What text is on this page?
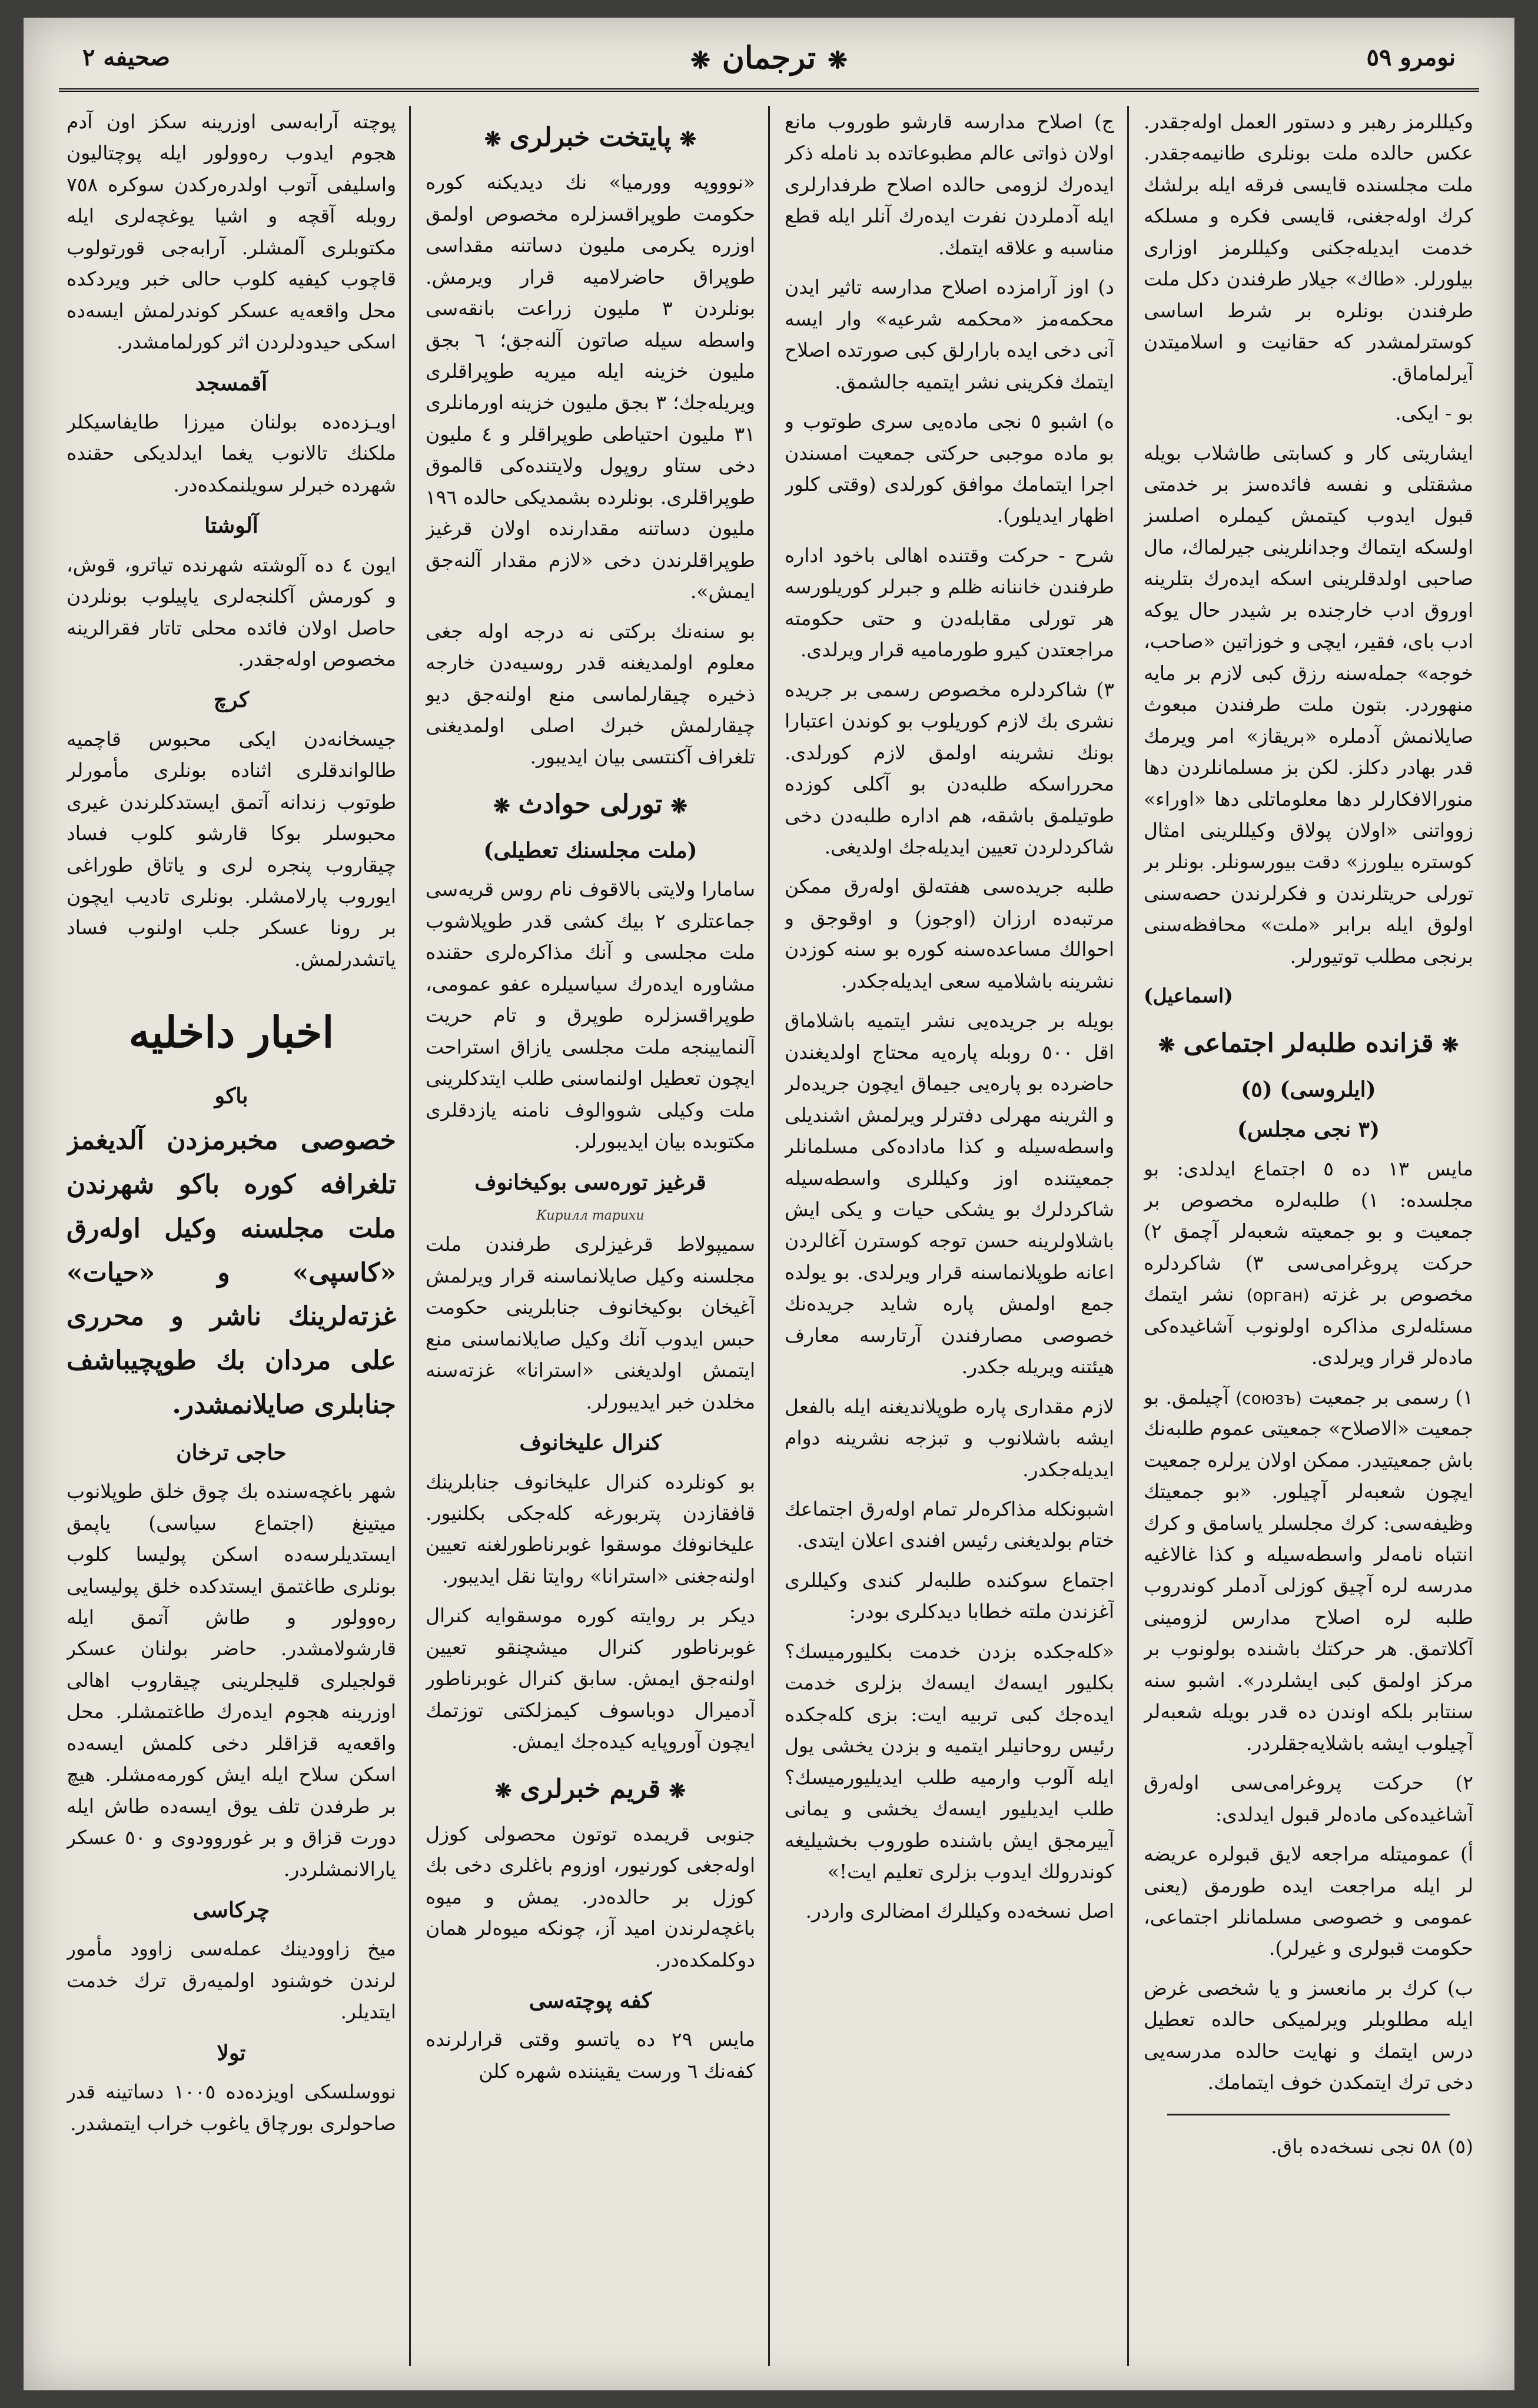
نومرو ٥٩
❋ترجمان❋
صحیفه ۲

وکیللرمز رهبر و دستور العمل اولەجقدر. عکس حالده ملت بونلری طانیمەجقدر. ملت مجلسنده قایسی فرقه ایله برلشك کرك اولەجغنی، قایسی فکره و مسلکه خدمت ایدیلەجکنی وکیللرمز اوزاری بیلورلر. «طاك» جیلار طرفندن دکل ملت طرفندن بونلره بر شرط اساسی کوسترلمشدر که حقانیت و اسلامیتدن آیرلماماق.

بو - ایکی.

ایشاریتی کار و کسابتی طاشلاب بویله مشقتلی و نفسه فائدەسز بر خدمتی قبول ایدوب کیتمش کیملره اصلسز اولسکه ایتماك وجدانلرینی جیرلماك، مال صاحبی اولدقلرینی اسکه ایدەرك بتلرینه اوروق ادب خارجنده بر شیدر حال یوکه ادب بای، فقیر، ایچی و خوزاتین «صاحب، خوجه» جملەسنه رزق کبی لازم بر مایه منهوردر. بتون ملت طرفندن مبعوث صایلانمش آدملره «بریقاز» امر ویرمك قدر بهادر دکلز. لکن بز مسلمانلردن دها منورالافکارلر دها معلوماتلی دها «اوراء» زوواتنی «اولان پولاق وکیللرینی امثال کوستره بیلورز» دقت بیورسونلر. بونلر بر تورلی حریتلرندن و فکرلرندن حصەسنی اولوق ایله برابر «ملت» محافظه‌سنی برنجی مطلب توتیورلر.

(اسماعیل)
❋قزانده طلبەلر اجتماعی❋
(ایلروسی) (٥)
(٣ نجی مجلس)

مایس ١٣ ده ٥ اجتماع ایدلدی: بو مجلسده: ١) طلبه‌لره مخصوص بر جمعیت و بو جمعیته شعبه‌لر آچمق ٢) حرکت پروغرامی‌سی ٣) شاکردلره مخصوص بر غزته (орган) نشر ایتمك مسئله‌لری مذاکره اولونوب آشاغیده‌کی ماده‌لر قرار ویرلدی.

١) رسمی بر جمعیت (союзъ) آچیلمق. بو جمعیت «الاصلاح» جمعیتی عموم طلبه‌نك باش جمعیتیدر. ممکن اولان یرلره جمعیت ایچون شعبه‌لر آچیلور. «بو جمعیتك وظیفه‌سی: کرك مجلسلر یاسامق و کرك انتباه نامه‌لر واسطه‌سیله و کذا غالاغیه مدرسه لره آچیق کوزلی آدملر کوندروب طلبه لره اصلاح مدارس لزومینی آکلاتمق. هر حرکتك باشنده بولونوب بر مرکز اولمق کبی ایشلردر». اشبو سنه سنتابر بلکه اوندن ده قدر بویله شعبه‌لر آچیلوب ایشه باشلایه‌جقلردر.

٢) حرکت پروغرامی‌سی اولەرق آشاغیده‌کی ماده‌لر قبول ایدلدی:

أ) عمومیتله مراجعه لایق قبولره عریضه لر ایله مراجعت ایده طورمق (یعنی عمومی و خصوصی مسلمانلر اجتماعی، حکومت قبولری و غیرلر).

ب) کرك بر مانعسز و یا شخصی غرض ایله مطلوبلر ویرلمیکی حالده تعطیل درس ایتمك و نهایت حالده مدرسه‌یی دخی ترك ایتمكدن خوف ایتمامك.

(٥) ٥٨ نجی نسخه‌ده باق.

ج) اصلاح مدارسه قارشو طوروب مانع اولان ذواتی عالم مطبوعاتده بد نامله ذکر ایدەرك لزومی حالده اصلاح طرفدارلری ایله آدملردن نفرت ایدەرك آنلر ایله قطع مناسبه و علاقه ایتمك.

د) اوز آرامزده اصلاح مدارسه تاثیر ایدن محکمه‌مز «محکمه شرعیه» وار ایسه آنی دخی ایده بارارلق کبی صورتده اصلاح ایتمك فکرینی نشر ایتمیه جالشمق.

ه) اشبو ٥ نجی ماده‌یی سری طوتوب و بو ماده موجبی حرکتی جمعیت امسندن اجرا ایتمامك موافق کورلدی (وقتی کلور اظهار ایدیلور).

شرح - حرکت وقتنده اهالی باخود اداره طرفندن خاننانه ظلم و جبرلر کوریلورسه هر تورلی مقابله‌دن و حتی حکومته مراجعتدن کیرو طورمامیه قرار ویرلدی.

٣) شاکردلره مخصوص رسمی بر جریده نشری بك لازم کوریلوب بو کوندن اعتبارا بونك نشرینه اولمق لازم کورلدی. محرراسکه طلبه‌دن بو آکلی کوزده طوتیلمق باشقه، هم اداره طلبه‌دن دخی شاکردلردن تعیین ایدیله‌جك اولدیغی.

طلبه جریده‌سی هفته‌لق اولەرق ممکن مرتبه‌ده ارزان (اوجوز) و اوقوجق و احوالك مساعده‌سنه کوره بو سنه کوزدن نشرینه باشلامیه سعی ایدیله‌جکدر.

بویله بر جریده‌یی نشر ایتمیه باشلاماق اقل ٥٠٠ روبله پاره‌یه محتاج اولدیغندن حاضرده بو پاره‌یی جیماق ایچون جریده‌لر و الثرینه مهرلی دفترلر ویرلمش اشندیلی واسطه‌سیله و کذا ماداده‌کی مسلمانلر جمعیتنده اوز وکیللری واسطه‌سیله شاکردلرك بو یشکی حیات و یکی ایش باشلاولرینه حسن توجه کوسترن آغالردن اعانه طوپلانماسنه قرار ویرلدی. بو یولده جمع اولمش پاره شاید جریده‌نك خصوصی مصارفندن آرتارسه معارف هیئتنه ویریله جکدر.

لازم مقداری پاره طوپلاندیغنه ایله بالفعل ایشه باشلانوب و تبزجه نشرینه دوام ایدیله‌جکدر.

اشبونکله مذاکره‌لر تمام اولەرق اجتماعك ختام بولدیغنی رئیس افندی اعلان ایتدی.

اجتماع سوکنده طلبه‌لر کندی وکیللری آغزندن ملته خطابا دیدکلری بودر:

«کله‌جکده بزدن خدمت بکلیورمیسك؟ بکلیور ایسه‌ك ایسه‌ك بزلری خدمت ایده‌جك کبی تربیه ایت: بزی کله‌جکده رئیس روحانیلر ایتمیه و بزدن یخشی یول ایله آلوب وارمیه طلب ایدیلیورمیسك؟ طلب ایدیلیور ایسه‌ك یخشی و یمانی آییرمجق ایش باشنده طوروب بخشیلیغه کوندرولك ایدوب بزلری تعلیم ایت!»

اصل نسخه‌ده وکیللرك امضالری واردر.

❋پایتخت خبرلری❋

«نوووپه وورمیا» نك دیدیکنه کوره حکومت طوپراقسزلره مخصوص اولمق اوزره یکرمی ملیون دساتنه مقداسی طوپراق حاضرلامیه قرار ویرمش. بونلردن ٣ ملیون زراعت بانقه‌سی واسطه سیله صاتون آلنه‌جق؛ ٦ بجق ملیون خزینه ایله میریه طوپراقلری ویریله‌جك؛ ٣ بجق ملیون خزینه اورمانلری ٣١ ملیون احتیاطی طوپراقلر و ٤ ملیون دخی ستاو روپول ولایتنده‌کی قالموق طوپراقلری. بونلرده بشمدیکی حالده ١٩٦ ملیون دساتنه مقدارنده اولان قرغیز طوپراقلرندن دخی «لازم مقدار آلنه‌جق ایمش».

بو سنه‌نك برکتی نه درجه اوله جغی معلوم اولمدیغنه قدر روسیه‌دن خارجه ذخیره چیقارلماسی منع اولنه‌جق دیو چیقارلمش خبرك اصلی اولمدیغنی تلغراف آکنتسی بیان ایدیبور.

❋تورلی حوادث❋
(ملت مجلسنك تعطیلی)

سامارا ولایتی بالاقوف نام روس قریه‌سی جماعتلری ٢ بیك کشی قدر طوپلاشوب ملت مجلسی و آنك مذاکره‌لری حقنده مشاوره ایده‌رك سیاسیلره عفو عمومی، طوپراقسزلره طوپرق و تام حریت آلنمایینجه ملت مجلسی یازاق استراحت ایچون تعطیل اولنماسنی طلب ایتدکلرینی ملت وکیلی شووالوف نامنه یازدقلری مکتوبده بیان ایدیبورلر.

قرغیز تورەسی بوکیخانوف
Кирилл тарихи

سمیپولاط قرغیزلری طرفندن ملت مجلسنه وکیل صایلانماسنه قرار ویرلمش آغیخان بوکیخانوف جنابلرینی حکومت حبس ایدوب آنك وکیل صایلانماسنی منع ایتمش اولدیغنی «استرانا» غزته‌سنه مخلدن خبر ایدیبورلر.

کنرال علیخانوف

بو کونلرده کنرال علیخانوف جنابلرینك قافقازدن پتربورغه کله‌جکی بکلنیور. علیخانوفك موسقوا غوبرناطورلغنه تعیین اولنه‌جغنی «استرانا» روایتا نقل ایدیبور.

دیکر بر روایته کوره موسقوایه کنرال غوبرناطور کنرال میشچنقو تعیین اولنه‌جق ایمش. سابق کنرال غوبرناطور آدمیرال دوباسوف کیمزلکتی توزتمك ایچون آوروپایه کیده‌جك ایمش.

❋قریم خبرلری❋

جنوبی قریمده توتون محصولی کوزل اوله‌جغی کورنیور، اوزوم باغلری دخی بك کوزل بر حالده‌در. یمش و میوه باغچه‌لرندن امید آز، چونکه میوه‌لر همان دوکلمکده‌در.

کفه پوچته‌سی

مایس ٢٩ ده یاتسو وقتی قرارلرنده کفه‌نك ٦ ورست یقیننده شهره کلن

پوچته آرابه‌سی اوزرینه سکز اون آدم هجوم ایدوب ره‌وولور ایله پوچتالیون واسلیفی آتوب اولدرەرکدن سوکره ٧٥٨ روبله آقچه و اشیا یوغچه‌لری ایله مکتوبلری آلمشلر. آرابه‌جی قورتولوب قاچوب کیفیه کلوب حالی خبر ویردکده محل واقعه‌یه عسکر کوندرلمش ایسه‌ده اسکی حیدودلردن اثر کورلمامشدر.

آقمسجد

اویـزده‌ده بولنان میرزا طایفاسیکلر ملکنك تالانوب یغما ایدلدیکی حقنده شهرده خبرلر سویلنمکده‌در.

آلوشتا

ایون ٤ ده آلوشته شهرنده تیاترو، قوش، و کورمش آکلنجه‌لری یاپیلوب بونلردن حاصل اولان فائده محلی تاتار فقرالرینه مخصوص اوله‌جقدر.

کرچ

جیسخانه‌دن ایکی محبوس قاچمیه طالواندقلری اثناده بونلری مأمورلر طوتوب زندانه آتمق ایستدکلرندن غیری محبوسلر بوکا قارشو کلوب فساد چیقاروب پنجره لری و یاتاق طوراغی ایوروب پارلامشلر. بونلری تادیب ایچون بر رونا عسکر جلب اولنوب فساد یاتشدرلمش.

اخبار داخلیه
باکو

خصوصی مخبرمزدن آلدیغمز تلغرافه کوره باکو شهرندن ملت مجلسنه وکیل اولەرق «کاسپی» و «حیات» غزته‌لرینك ناشر و محرری علی مردان بك طوپچیباشف جنابلری صایلانمشدر.

حاجی ترخان

شهر باغچه‌سنده بك چوق خلق طوپلانوب میتینغ (اجتماع سیاسی) یاپمق ایستدیلرسه‌ده اسکن پولیسا کلوب بونلری طاغتمق ایستدکده خلق پولیسایی رەوولور و طاش آتمق ایله قارشولامشدر. حاضر بولنان عسکر قولجیلری قلیجلرینی چیقاروب اهالی اوزرینه هجوم ایده‌رك طاغتمشلر. محل واقعه‌یه قزاقلر دخی کلمش ایسه‌ده اسکن سلاح ایله ایش کورمه‌مشلر. هیچ بر طرفدن تلف یوق ایسه‌ده طاش ایله دورت قزاق و بر غوروودوی و ٥٠ عسکر یارالانمشلردر.

چرکاسی

میخ زاوودینك عمله‌سی زاوود مأمور لرندن خوشنود اولمیەرق ترك خدمت ایتدیلر.

تولا

نووسلسکی اویزده‌ده ١٠٠٥ دساتینه قدر صاحولری بورچاق یاغوب خراب ایتمشدر.
